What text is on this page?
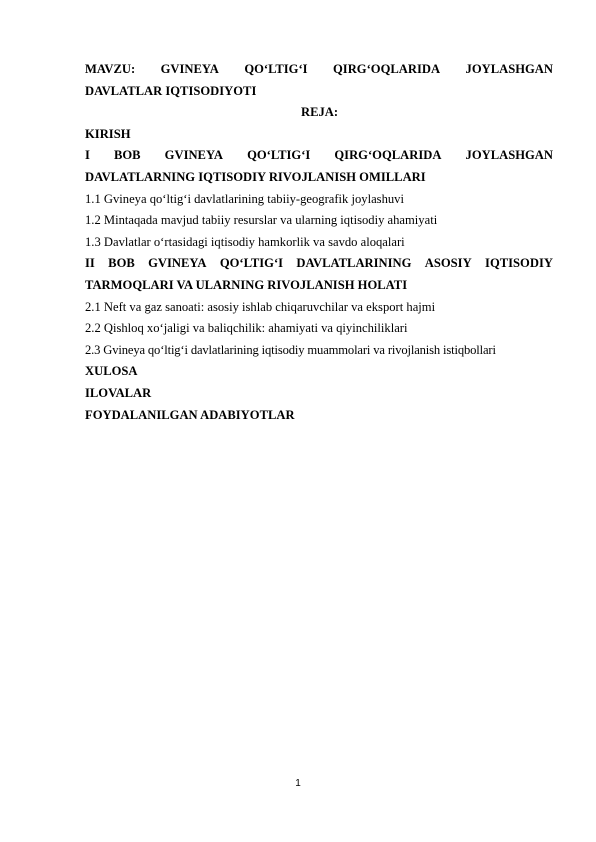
MAVZU: GVINEYA QO‘LTIG‘I QIRG‘OQLARIDA JOYLASHGAN
DAVLATLAR IQTISODIYOTI
REJA:
KIRISH
I BOB GVINEYA QO‘LTIG‘I QIRG‘OQLARIDA JOYLASHGAN
DAVLATLARNING IQTISODIY RIVOJLANISH OMILLARI
1.1 Gvineya qo‘ltig‘i davlatlarining tabiiy-geografik joylashuvi
1.2 Mintaqada mavjud tabiiy resurslar va ularning iqtisodiy ahamiyati
1.3 Davlatlar o‘rtasidagi iqtisodiy hamkorlik va savdo aloqalari
II BOB GVINEYA QO‘LTIG‘I DAVLATLARINING ASOSIY IQTISODIY
TARMOQLARI VA ULARNING RIVOJLANISH HOLATI
2.1 Neft va gaz sanoati: asosiy ishlab chiqaruvchilar va eksport hajmi
2.2 Qishloq xo‘jaligi va baliqchilik: ahamiyati va qiyinchiliklari
2.3 Gvineya qo‘ltig‘i davlatlarining iqtisodiy muammolari va rivojlanish istiqbollari
XULOSA
ILOVALAR
FOYDALANILGAN ADABIYOTLAR
1
